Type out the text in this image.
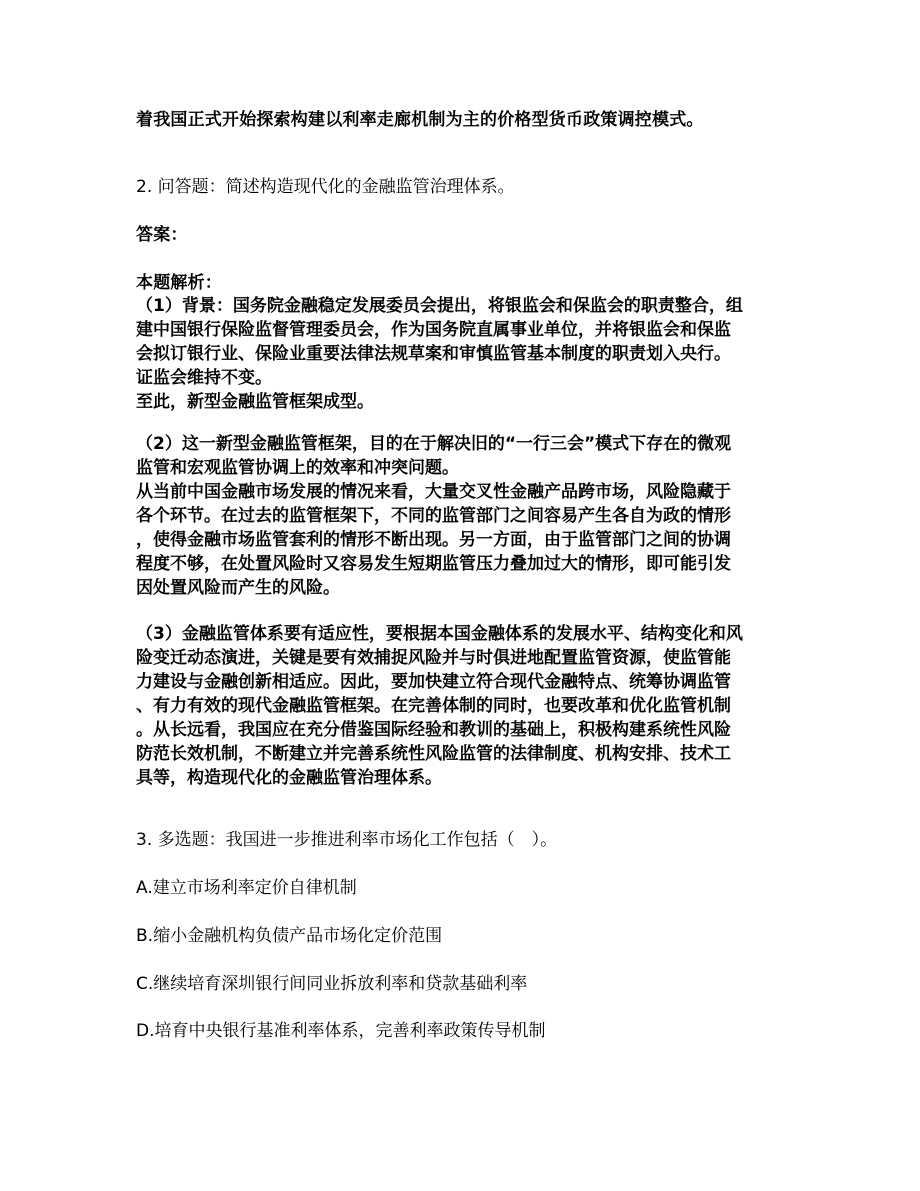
着我国正式开始探索构建以利率走廊机制为主的价格型货币政策调控模式。
2. 问答题：简述构造现代化的金融监管治理体系。
答案：
本题解析：
（1）背景：国务院金融稳定发展委员会提出，将银监会和保监会的职责整合，组
建中国银行保险监督管理委员会，作为国务院直属事业单位，并将银监会和保监
会拟订银行业、保险业重要法律法规草案和审慎监管基本制度的职责划入央行。
证监会维持不变。
至此，新型金融监管框架成型。
（2）这一新型金融监管框架，目的在于解决旧的“一行三会”模式下存在的微观
监管和宏观监管协调上的效率和冲突问题。
从当前中国金融市场发展的情况来看，大量交叉性金融产品跨市场，风险隐藏于
各个环节。在过去的监管框架下，不同的监管部门之间容易产生各自为政的情形
，使得金融市场监管套利的情形不断出现。另一方面，由于监管部门之间的协调
程度不够，在处置风险时又容易发生短期监管压力叠加过大的情形，即可能引发
因处置风险而产生的风险。
（3）金融监管体系要有适应性，要根据本国金融体系的发展水平、结构变化和风
险变迁动态演进，关键是要有效捕捉风险并与时俱进地配置监管资源，使监管能
力建设与金融创新相适应。因此，要加快建立符合现代金融特点、统筹协调监管
、有力有效的现代金融监管框架。在完善体制的同时，也要改革和优化监管机制
。从长远看，我国应在充分借鉴国际经验和教训的基础上，积极构建系统性风险
防范长效机制，不断建立并完善系统性风险监管的法律制度、机构安排、技术工
具等，构造现代化的金融监管治理体系。
3. 多选题：我国进一步推进利率市场化工作包括（　）。
A.建立市场利率定价自律机制
B.缩小金融机构负债产品市场化定价范围
C.继续培育深圳银行间同业拆放利率和贷款基础利率
D.培育中央银行基准利率体系，完善利率政策传导机制
